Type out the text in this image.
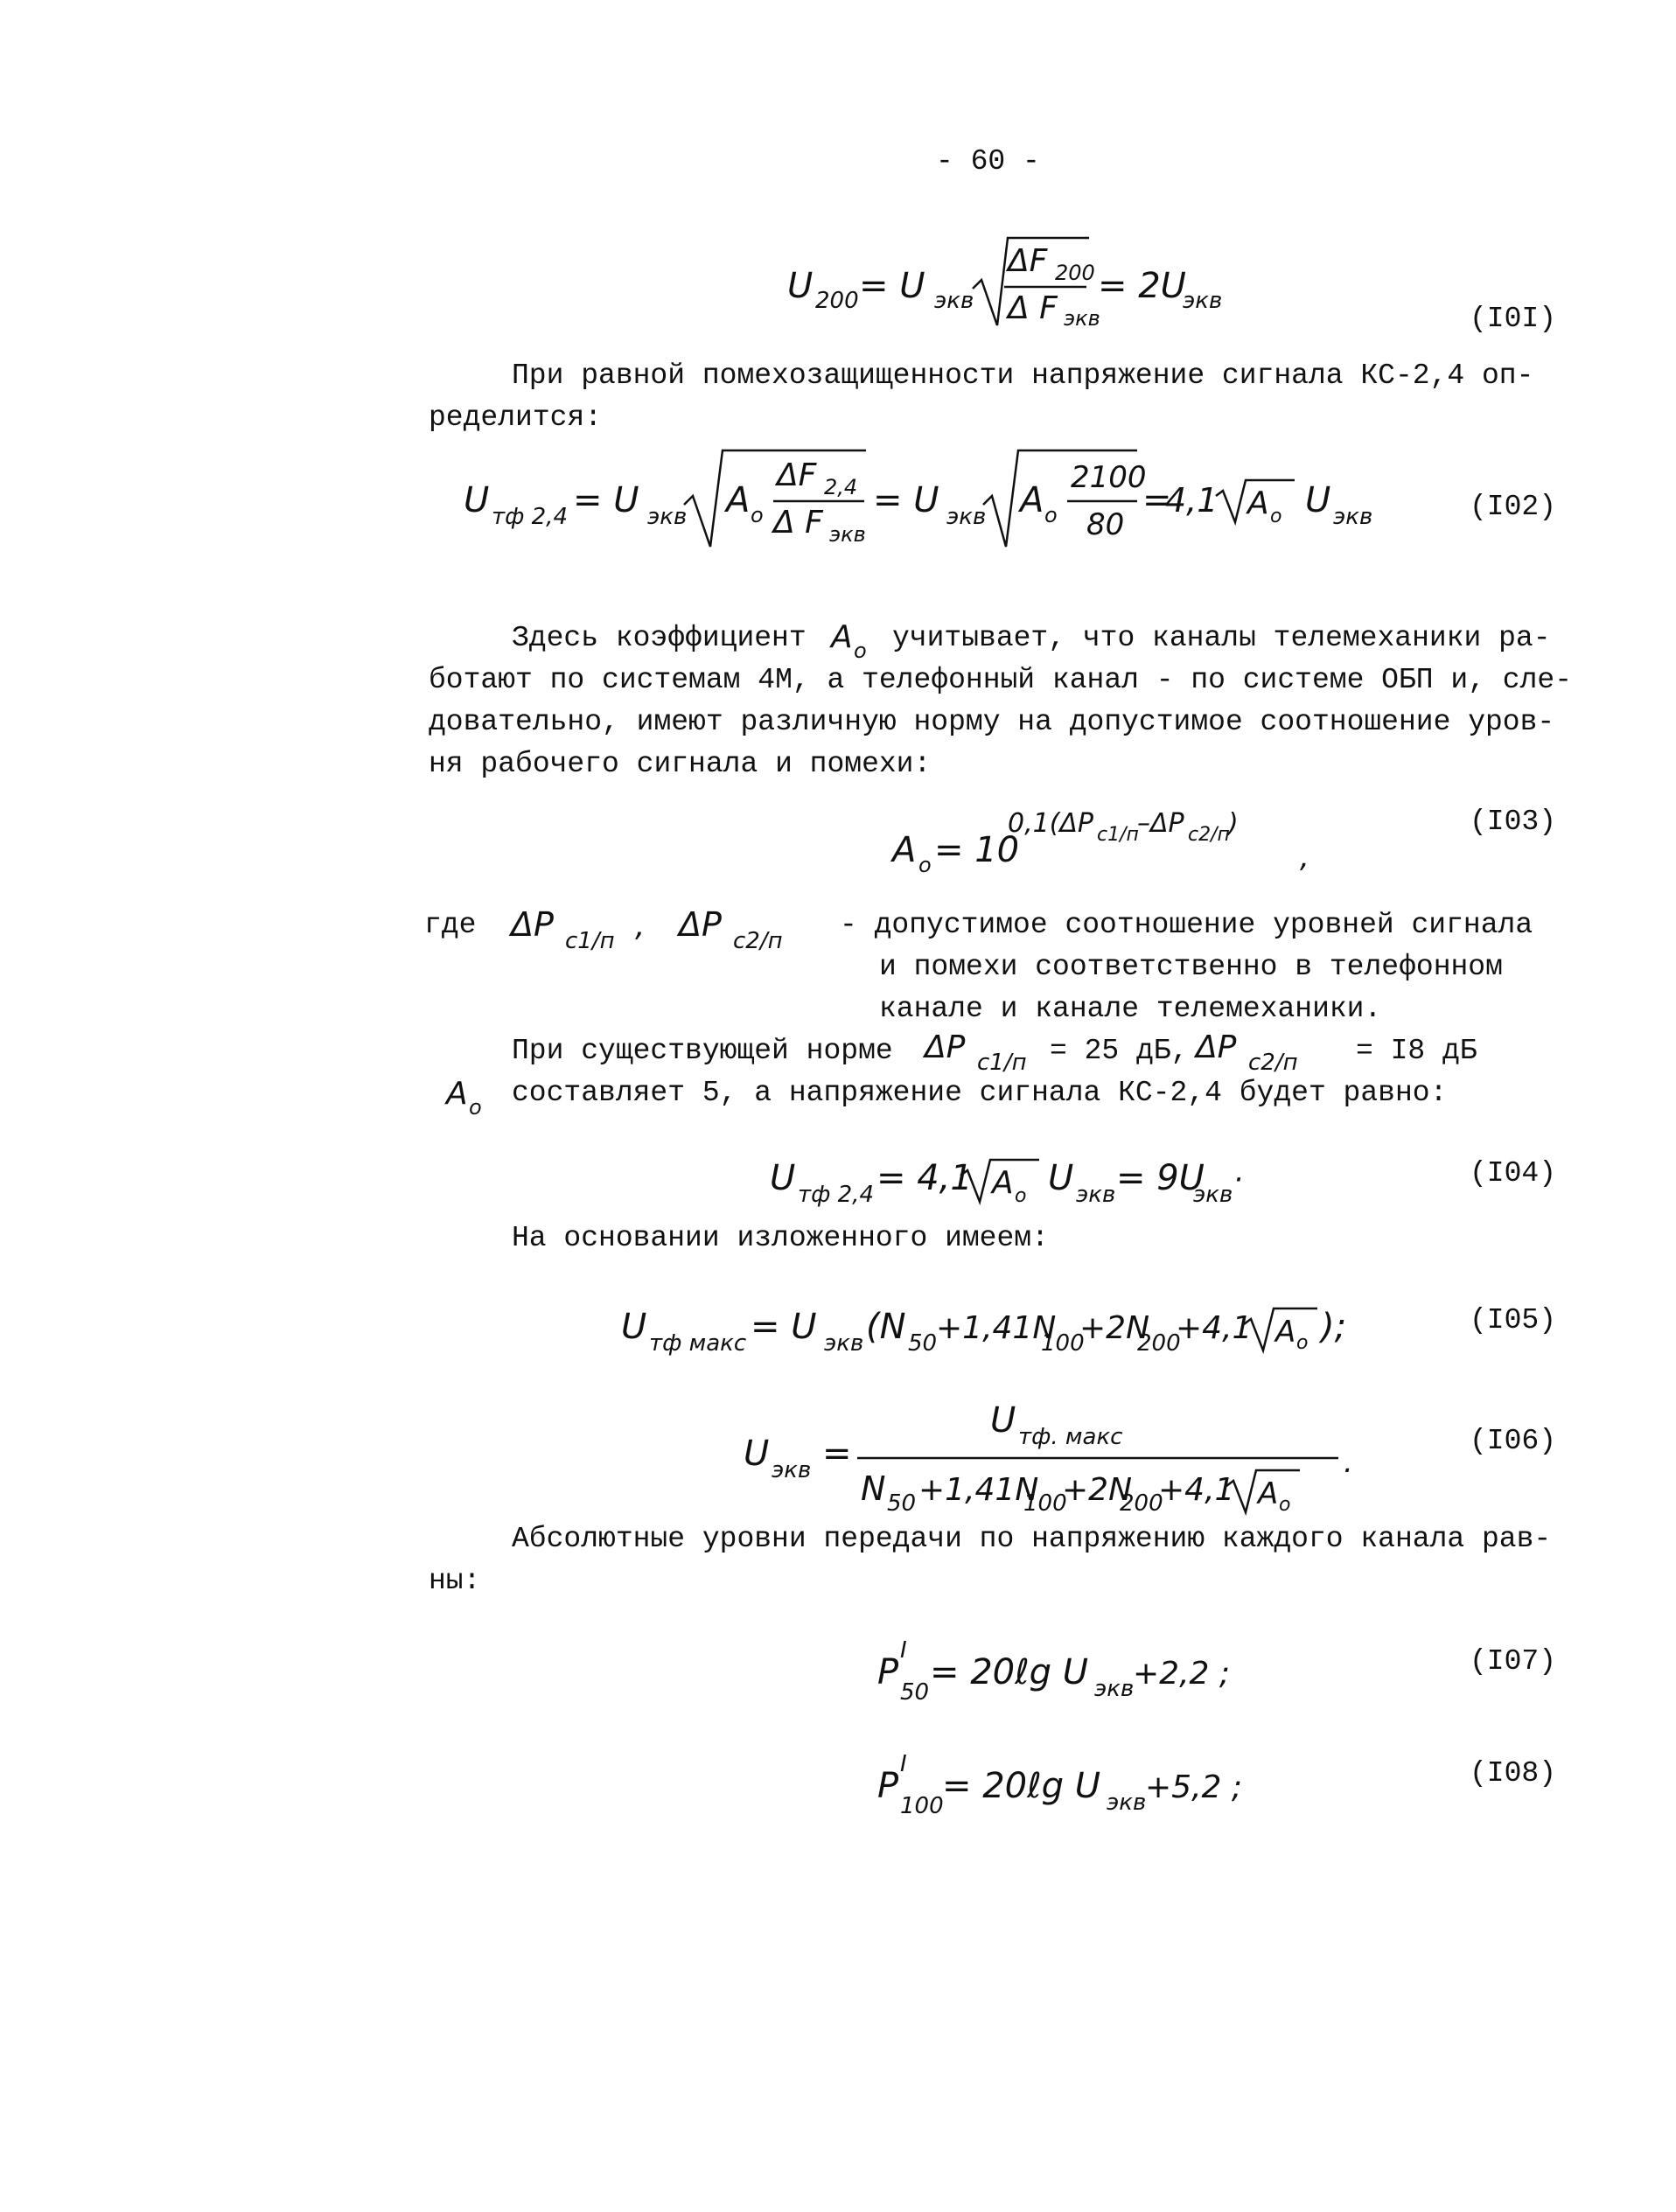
- 60 -
U 200 = U экв
ΔF 200
Δ F экв
= 2U
экв
(I0I)
При равной помехозащищенности напряжение сигнала КС-2,4 оп-
ределится:
U тф 2,4 = U экв A o
ΔF 2,4
Δ F экв
= U экв A o
2100
80
=
4,1 A o U экв	(I02)
Здесь коэффициент A o учитывает, что каналы телемеханики ра-
ботают по системам 4М, а телефонный канал - по системе ОБП и, сле-
довательно, имеют различную норму на допустимое соотношение уров-
ня рабочего сигнала и помехи:
A o = 10
0,1(ΔP c1/п
–ΔP c2/п
)
,
(I03)
где ΔP c1/п , ΔP c2/п - допустимое соотношение уровней сигнала
и помехи соответственно в телефонном
канале и канале телемеханики.
При существующей норме ΔP c1/п = 25 дБ, ΔP c2/п = I8 дБ
A o составляет 5, а напряжение сигнала КС-2,4 будет равно:
U тф 2,4 = 4,1 A o U экв = 9U
экв ·	(I04)
На основании изложенного имеем:
U тф макс = U экв (N 50
+1,41N
100
+2N
200
+4,1 A o );	(I05)
U экв =
U тф. макс
N 50 +1,41N
100
+2N
200
+4,1 A o
.
(I06)
Абсолютные уровни передачи по напряжению каждого канала рав-
ны:
P
I
50 = 20ℓg U экв
+2,2 ;	(I07)
P
I
100
= 20ℓg U экв
+5,2 ;	(I08)
